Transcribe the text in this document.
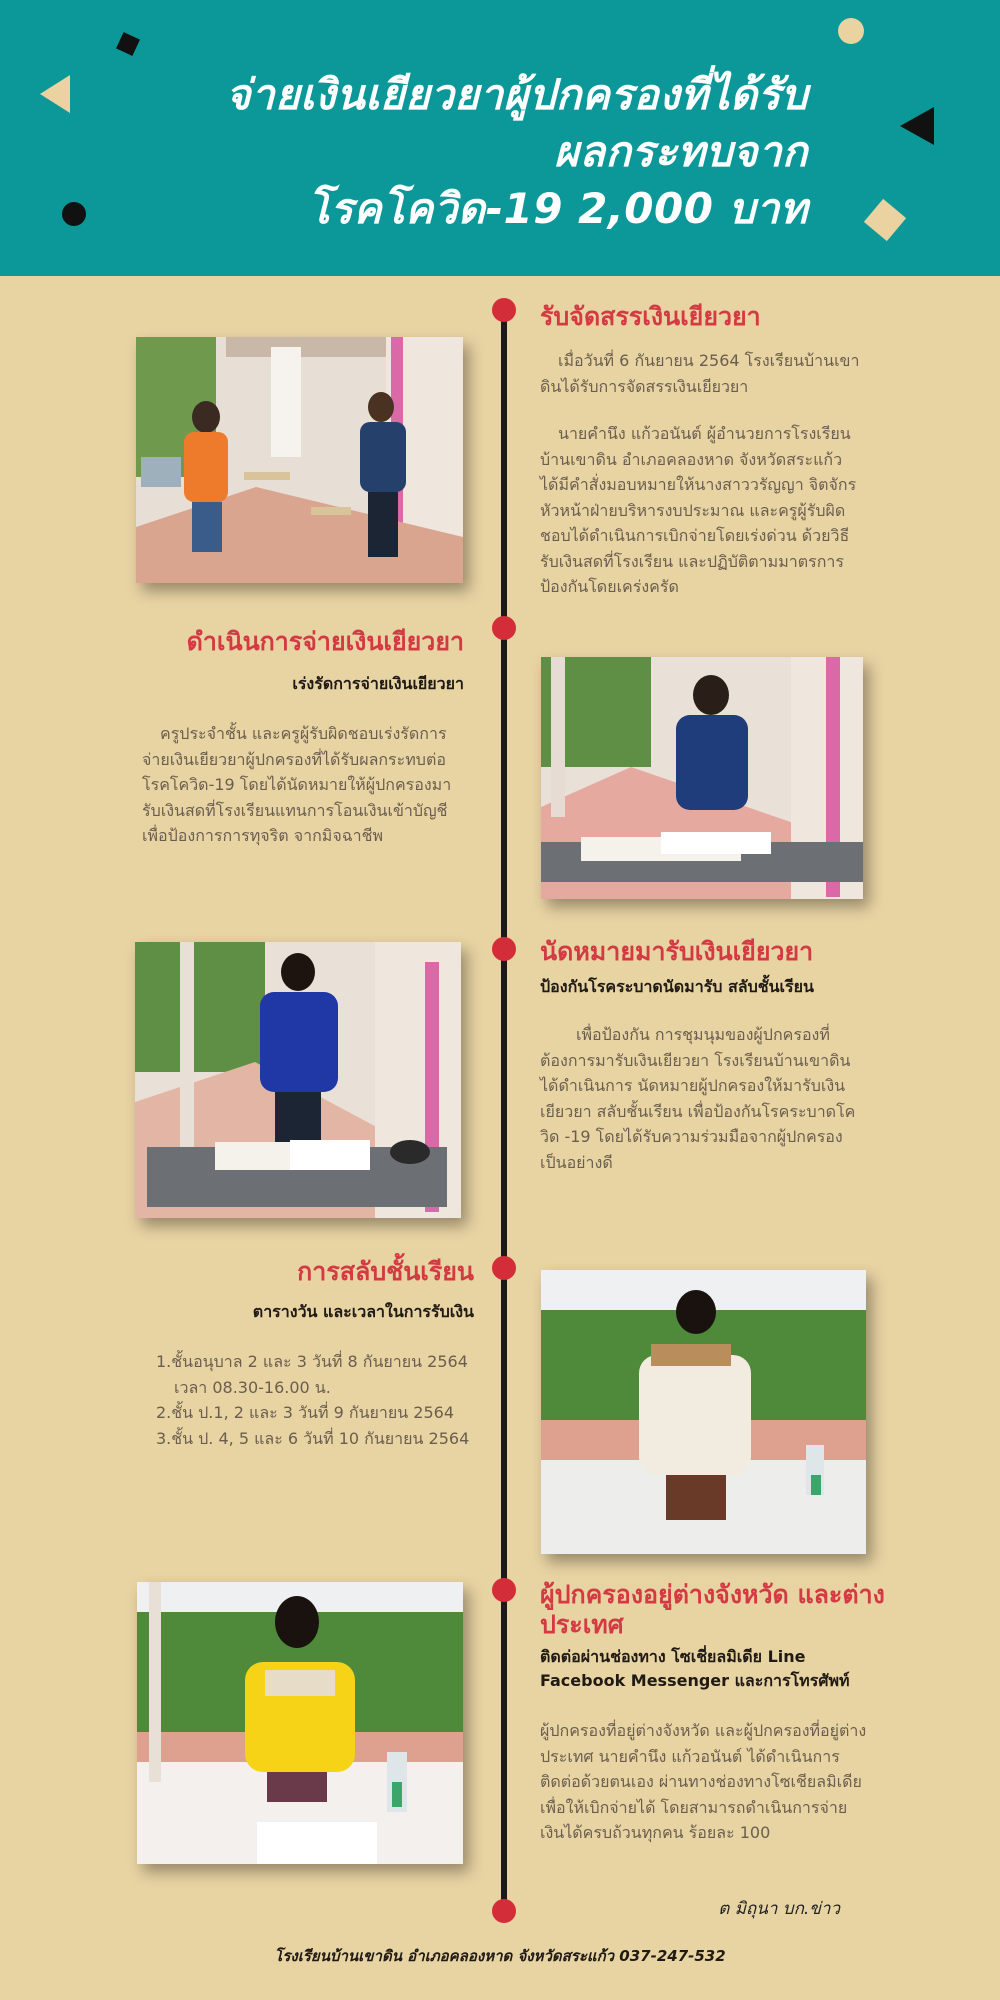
จ่ายเงินเยียวยาผู้ปกครองที่ได้รับ
ผลกระทบจาก
โรคโควิด-19 2,000 บาท
รับจัดสรรเงินเยียวยา

เมื่อวันที่ 6 กันยายน 2564 โรงเรียนบ้านเขาดินได้รับการจัดสรรเงินเยียวยา

นายคำนึง แก้วอนันต์ ผู้อำนวยการโรงเรียนบ้านเขาดิน อำเภอคลองหาด จังหวัดสระแก้ว ได้มีคำสั่งมอบหมายให้นางสาววรัญญา จิตจักร หัวหน้าฝ่ายบริหารงบประมาณ และครูผู้รับผิดชอบได้ดำเนินการเบิกจ่ายโดยเร่งด่วน ด้วยวิธีรับเงินสดที่โรงเรียน และปฏิบัติตามมาตรการป้องกันโดยเคร่งครัด

ดำเนินการจ่ายเงินเยียวยา
เร่งรัดการจ่ายเงินเยียวยา

ครูประจำชั้น และครูผู้รับผิดชอบเร่งรัดการจ่ายเงินเยียวยาผู้ปกครองที่ได้รับผลกระทบต่อโรคโควิด-19 โดยได้นัดหมายให้ผู้ปกครองมารับเงินสดที่โรงเรียนแทนการโอนเงินเข้าบัญชี เพื่อป้องการการทุจริต จากมิจฉาชีพ

นัดหมายมารับเงินเยียวยา
ป้องกันโรคระบาดนัดมารับ สลับชั้นเรียน

เพื่อป้องกัน การชุมนุมของผู้ปกครองที่ต้องการมารับเงินเยียวยา โรงเรียนบ้านเขาดินได้ดำเนินการ นัดหมายผู้ปกครองให้มารับเงินเยียวยา สลับชั้นเรียน เพื่อป้องกันโรคระบาดโควิด -19 โดยได้รับความร่วมมือจากผู้ปกครองเป็นอย่างดี

การสลับชั้นเรียน
ตารางวัน และเวลาในการรับเงิน
1.ชั้นอนุบาล 2 และ 3 วันที่ 8 กันยายน 2564
เวลา 08.30-16.00 น.
2.ชั้น ป.1, 2 และ 3 วันที่ 9 กันยายน 2564
3.ชั้น ป. 4, 5 และ 6 วันที่ 10 กันยายน 2564
ผู้ปกครองอยู่ต่างจังหวัด และต่าง
ประเทศ
ติดต่อผ่านช่องทาง โซเชี่ยลมิเดีย Line
Facebook Messenger และการโทรศัพท์

ผู้ปกครองที่อยู่ต่างจังหวัด และผู้ปกครองที่อยู่ต่างประเทศ นายคำนึง แก้วอนันต์ ได้ดำเนินการติดต่อด้วยตนเอง ผ่านทางช่องทางโซเชียลมิเดีย เพื่อให้เบิกจ่ายได้ โดยสามารถดำเนินการจ่ายเงินได้ครบถ้วนทุกคน ร้อยละ 100

ต มิถุนา บก.ข่าว
โรงเรียนบ้านเขาดิน อำเภอคลองหาด จังหวัดสระแก้ว 037-247-532
